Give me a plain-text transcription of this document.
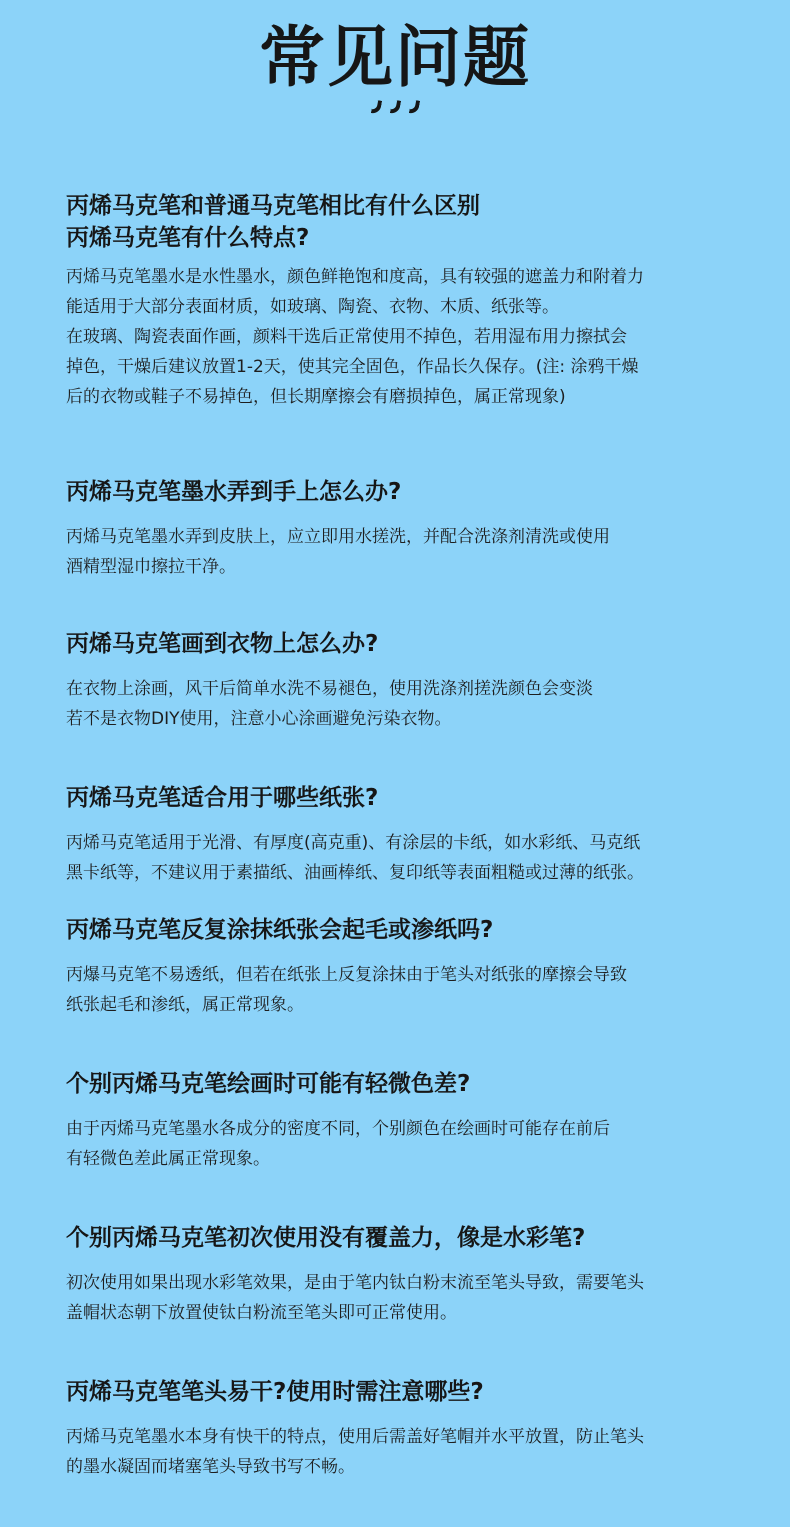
常见问题
丙烯马克笔和普通马克笔相比有什么区别
丙烯马克笔有什么特点?

丙烯马克笔墨水是水性墨水，颜色鲜艳饱和度高，具有较强的遮盖力和附着力
能适用于大部分表面材质，如玻璃、陶瓷、衣物、木质、纸张等。
在玻璃、陶瓷表面作画，颜料干选后正常使用不掉色，若用湿布用力擦拭会
掉色，干燥后建议放置1-2天，使其完全固色，作品长久保存。(注: 涂鸦干燥
后的衣物或鞋子不易掉色，但长期摩擦会有磨损掉色，属正常现象)

丙烯马克笔墨水弄到手上怎么办?

丙烯马克笔墨水弄到皮肤上，应立即用水搓洗，并配合洗涤剂清洗或使用
酒精型湿巾擦拉干净。

丙烯马克笔画到衣物上怎么办?

在衣物上涂画，风干后简单水洗不易褪色，使用洗涤剂搓洗颜色会变淡
若不是衣物DIY使用，注意小心涂画避免污染衣物。

丙烯马克笔适合用于哪些纸张?

丙烯马克笔适用于光滑、有厚度(高克重)、有涂层的卡纸，如水彩纸、马克纸
黑卡纸等，不建议用于素描纸、油画棒纸、复印纸等表面粗糙或过薄的纸张。

丙烯马克笔反复涂抹纸张会起毛或渗纸吗?

丙爆马克笔不易透纸，但若在纸张上反复涂抹由于笔头对纸张的摩擦会导致
纸张起毛和渗纸，属正常现象。

个别丙烯马克笔绘画时可能有轻微色差?

由于丙烯马克笔墨水各成分的密度不同，个别颜色在绘画时可能存在前后
有轻微色差此属正常现象。

个别丙烯马克笔初次使用没有覆盖力，像是水彩笔?

初次使用如果出现水彩笔效果，是由于笔内钛白粉末流至笔头导致，需要笔头
盖帽状态朝下放置使钛白粉流至笔头即可正常使用。

丙烯马克笔笔头易干?使用时需注意哪些?

丙烯马克笔墨水本身有快干的特点，使用后需盖好笔帽并水平放置，防止笔头
的墨水凝固而堵塞笔头导致书写不畅。
